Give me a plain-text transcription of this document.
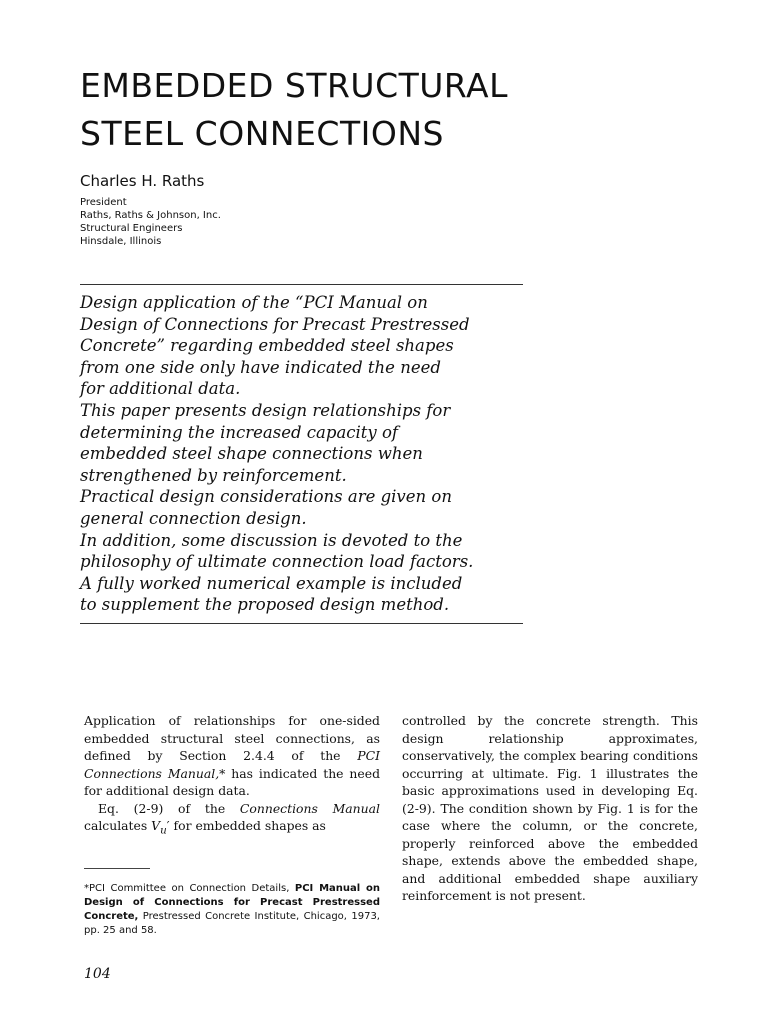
EMBEDDED STRUCTURAL
STEEL CONNECTIONS

Charles H. Raths

President
Raths, Raths & Johnson, Inc.
Structural Engineers
Hinsdale, Illinois
Design application of the “PCI Manual on
Design of Connections for Precast Prestressed
Concrete” regarding embedded steel shapes
from one side only have indicated the need
for additional data.
This paper presents design relationships for
determining the increased capacity of
embedded steel shape connections when
strengthened by reinforcement.
Practical design considerations are given on
general connection design.
In addition, some discussion is devoted to the
philosophy of ultimate connection load factors.
A fully worked numerical example is included
to supplement the proposed design method.

Application of relationships for one-sided embedded structural steel connections, as defined by Section 2.4.4 of the PCI Connections Manual,* has indicated the need for additional design data.

Eq. (2-9) of the Connections Manual calculates $V_u'$ for embedded shapes as

*PCI Committee on Connection Details, PCI Manual on Design of Connections for Precast Prestressed Concrete, Prestressed Concrete Institute, Chicago, 1973, pp. 25 and 58.

controlled by the concrete strength. This design relationship approximates, conservatively, the complex bearing conditions occurring at ultimate. Fig. 1 illustrates the basic approximations used in developing Eq. (2-9). The condition shown by Fig. 1 is for the case where the column, or the concrete, properly reinforced above the embedded shape, extends above the embedded shape, and additional embedded shape auxiliary reinforcement is not present.

104
